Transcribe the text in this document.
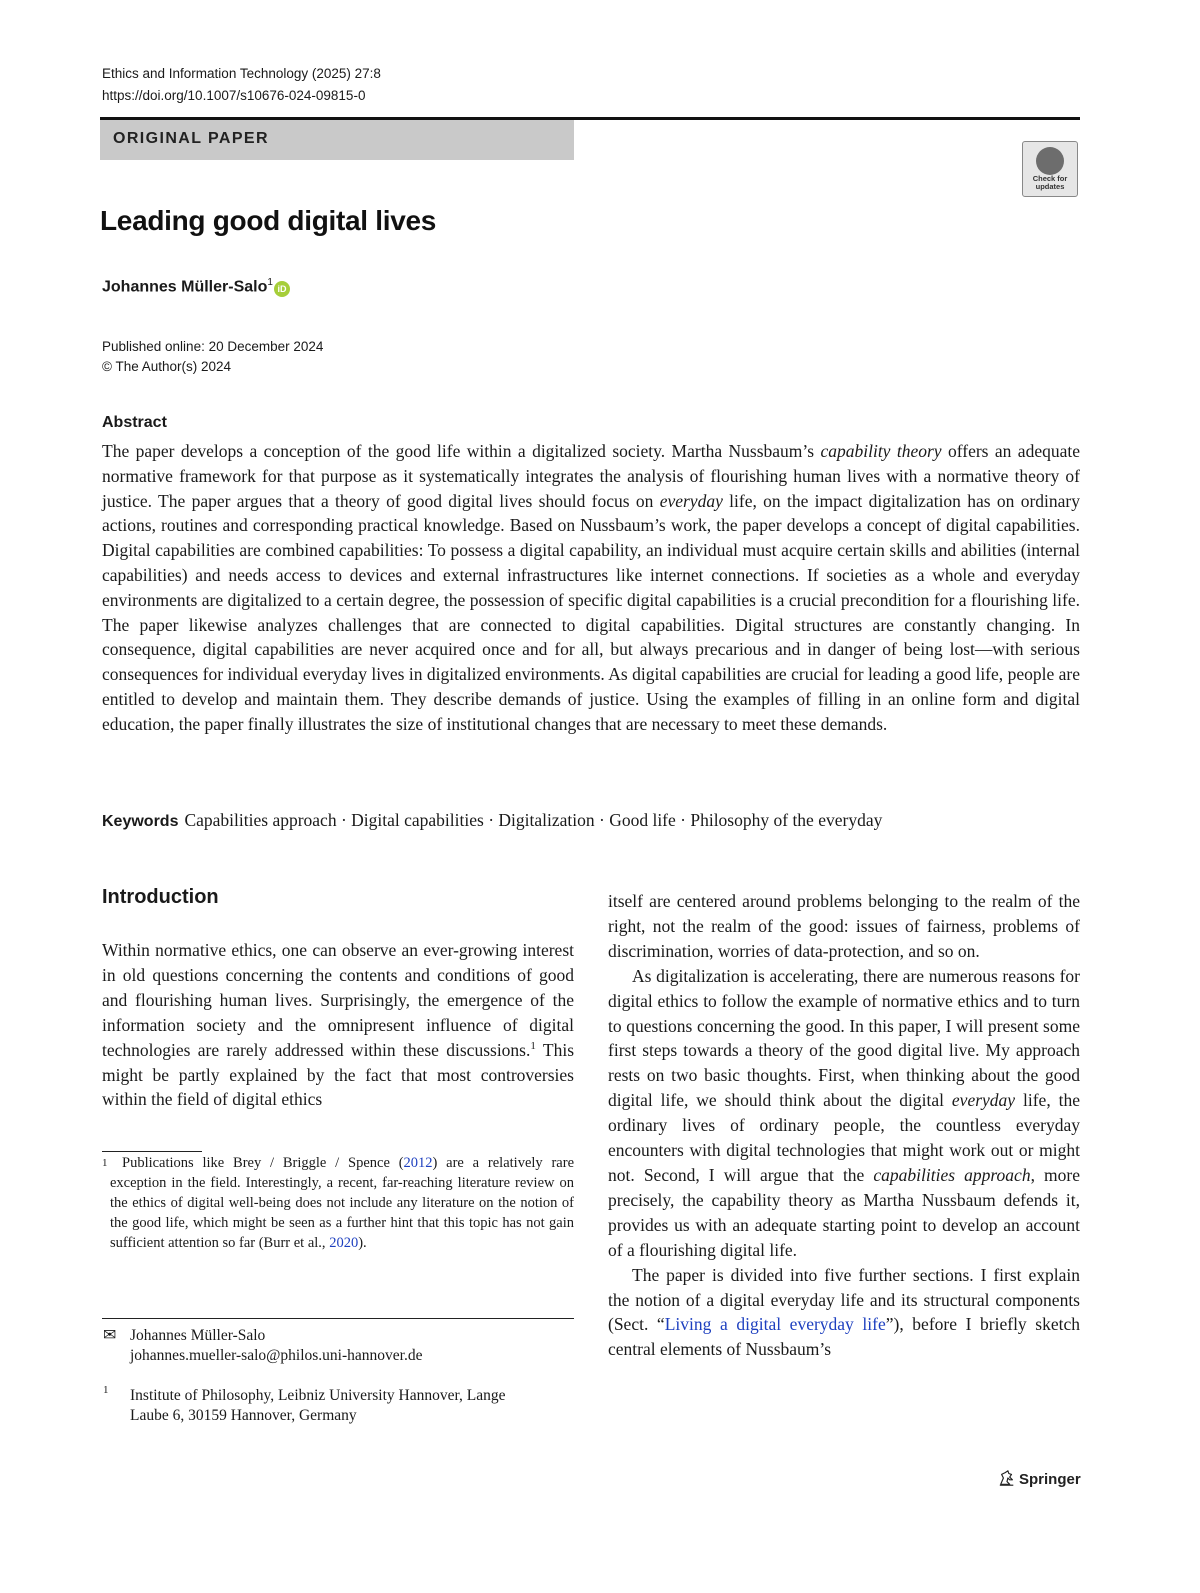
Ethics and Information Technology (2025) 27:8
https://doi.org/10.1007/s10676-024-09815-0
ORIGINAL PAPER
Check for updates
Leading good digital lives
Johannes Müller-Salo$^1$iD
Published online: 20 December 2024
© The Author(s) 2024
Abstract
The paper develops a conception of the good life within a digitalized society. Martha Nussbaum’s capability theory offers an adequate normative framework for that purpose as it systematically integrates the analysis of flourishing human lives with a normative theory of justice. The paper argues that a theory of good digital lives should focus on everyday life, on the impact digitalization has on ordinary actions, routines and corresponding practical knowledge. Based on Nussbaum’s work, the paper develops a concept of digital capabilities. Digital capabilities are combined capabilities: To possess a digital capability, an individual must acquire certain skills and abilities (internal capabilities) and needs access to devices and external infrastructures like internet connections. If societies as a whole and everyday environments are digitalized to a certain degree, the possession of specific digital capabilities is a crucial precondition for a flourishing life. The paper likewise analyzes challenges that are connected to digital capabilities. Digital structures are constantly changing. In consequence, digital capabilities are never acquired once and for all, but always precarious and in danger of being lost—with serious consequences for individual everyday lives in digitalized environments. As digital capabilities are crucial for leading a good life, people are entitled to develop and maintain them. They describe demands of justice. Using the examples of filling in an online form and digital education, the paper finally illustrates the size of institutional changes that are necessary to meet these demands.
Keywords Capabilities approach · Digital capabilities · Digitalization · Good life · Philosophy of the everyday
Introduction

Within normative ethics, one can observe an ever-growing interest in old questions concerning the contents and conditions of good and flourishing human lives. Surprisingly, the emergence of the information society and the omnipresent influence of digital technologies are rarely addressed within these discussions.$^1$ This might be partly explained by the fact that most controversies within the field of digital ethics

1	Publications like Brey / Briggle / Spence (2012) are a relatively rare exception in the field. Interestingly, a recent, far-reaching literature review on the ethics of digital well-being does not include any literature on the notion of the good life, which might be seen as a further hint that this topic has not gain sufficient attention so far (Burr et al., 2020).
✉ Johannes Müller-Salo
johannes.mueller-salo@philos.uni-hannover.de
1 Institute of Philosophy, Leibniz University Hannover, Lange
Laube 6, 30159 Hannover, Germany

itself are centered around problems belonging to the realm of the right, not the realm of the good: issues of fairness, problems of discrimination, worries of data-protection, and so on.

As digitalization is accelerating, there are numerous reasons for digital ethics to follow the example of normative ethics and to turn to questions concerning the good. In this paper, I will present some first steps towards a theory of the good digital live. My approach rests on two basic thoughts. First, when thinking about the good digital life, we should think about the digital everyday life, the ordinary lives of ordinary people, the countless everyday encounters with digital technologies that might work out or might not. Second, I will argue that the capabilities approach, more precisely, the capability theory as Martha Nussbaum defends it, provides us with an adequate starting point to develop an account of a flourishing digital life.

The paper is divided into five further sections. I first explain the notion of a digital everyday life and its structural components (Sect. “Living a digital everyday life”), before I briefly sketch central elements of Nussbaum’s

Springer
